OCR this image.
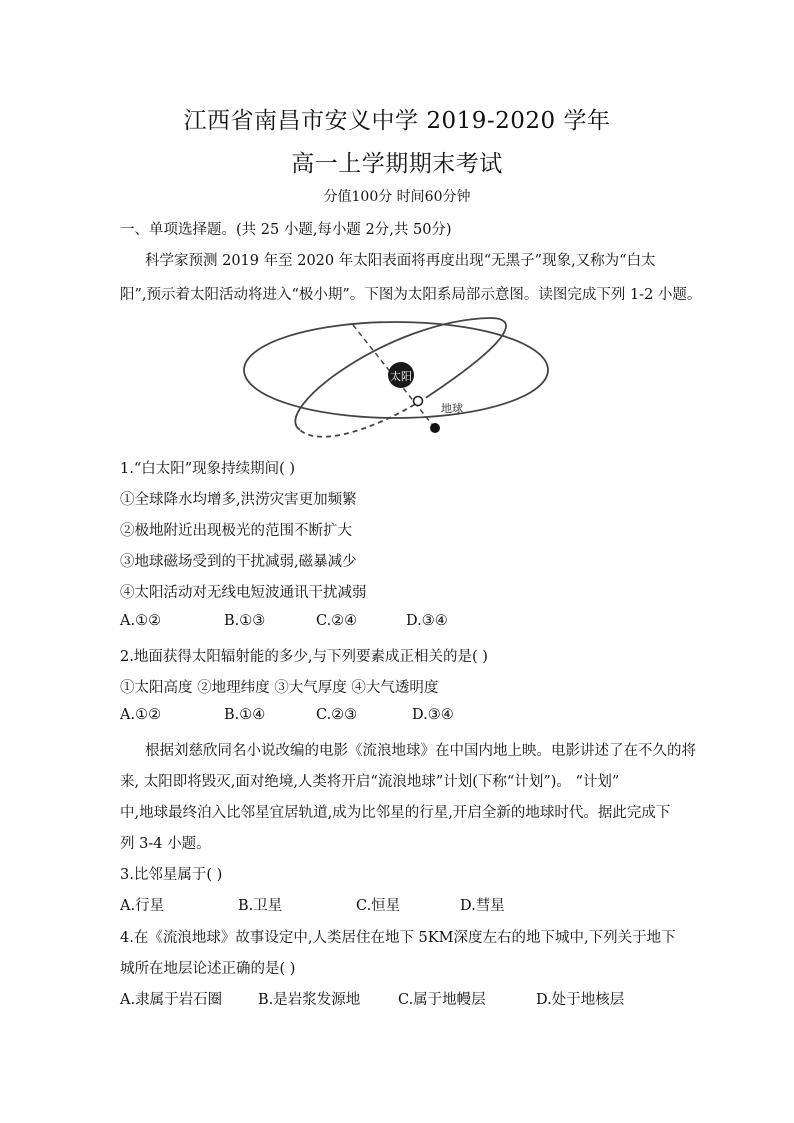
江西省南昌市安义中学 2019-2020 学年
高一上学期期末考试
分值100分 时间60分钟
一、单项选择题。(共 25 小题,每小题 2分,共 50分)
科学家预测 2019 年至 2020 年太阳表面将再度出现“无黑子”现象,又称为“白太
阳”,预示着太阳活动将进入“极小期”。下图为太阳系局部示意图。读图完成下列 1-2 小题。
太阳
地球
1.“白太阳”现象持续期间( )
①全球降水均增多,洪涝灾害更加频繁
②极地附近出现极光的范围不断扩大
③地球磁场受到的干扰减弱,磁暴减少
④太阳活动对无线电短波通讯干扰减弱
A.①②	B.①③	C.②④	D.③④
2.地面获得太阳辐射能的多少,与下列要素成正相关的是( )
①太阳高度 ②地理纬度 ③大气厚度 ④大气透明度
A.①②	B.①④	C.②③	D.③④
根据刘慈欣同名小说改编的电影《流浪地球》在中国内地上映。电影讲述了在不久的将
来, 太阳即将毁灭,面对绝境,人类将开启“流浪地球”计划(下称“计划”)。 “计划”
中,地球最终泊入比邻星宜居轨道,成为比邻星的行星,开启全新的地球时代。据此完成下
列 3-4 小题。
3.比邻星属于( )
A.行星	B.卫星	C.恒星	D.彗星
4.在《流浪地球》故事设定中,人类居住在地下 5KM深度左右的地下城中,下列关于地下
城所在地层论述正确的是( )
A.隶属于岩石圈 B.是岩浆发源地	C.属于地幔层	D.处于地核层
